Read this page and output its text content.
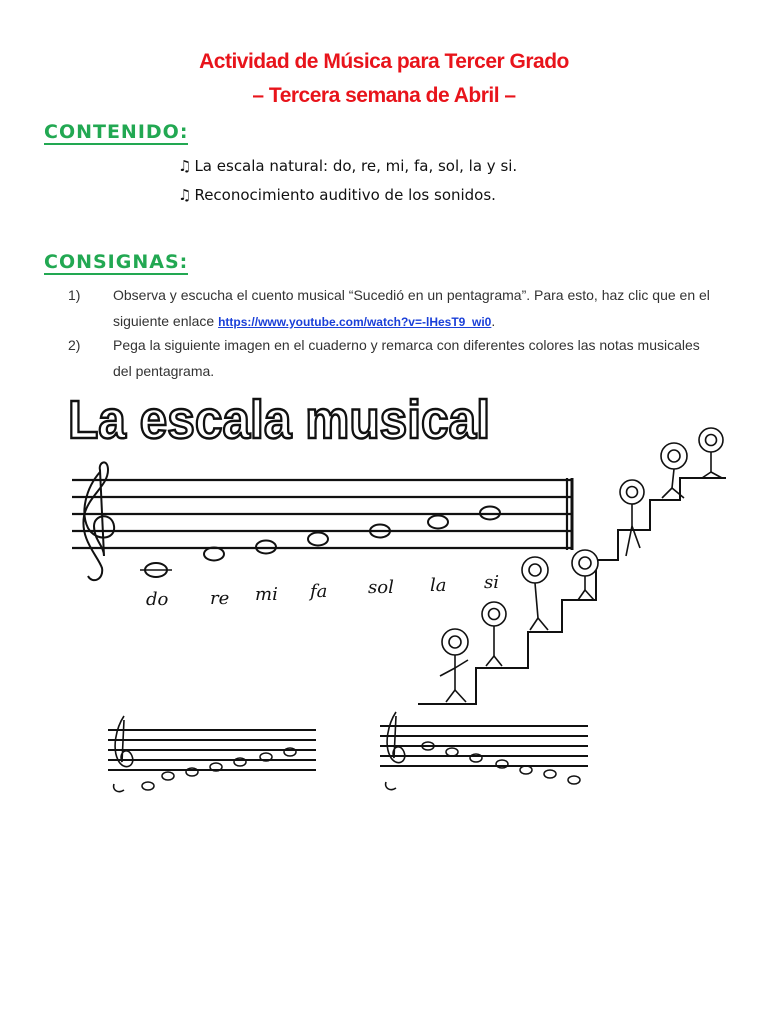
Actividad de Música para Tercer Grado
– Tercera semana de Abril –
CONTENIDO:
♫ La escala natural: do, re, mi, fa, sol, la y si.
♫ Reconocimiento auditivo de los sonidos.
CONSIGNAS:
1) Observa y escucha el cuento musical “Sucedió en un pentagrama”. Para esto, haz clic que en el siguiente enlace https://www.youtube.com/watch?v=-lHesT9_wi0.
2) Pega la siguiente imagen en el cuaderno y remarca con diferentes colores las notas musicales del pentagrama.
La escala musical
do re mi fa sol la si
